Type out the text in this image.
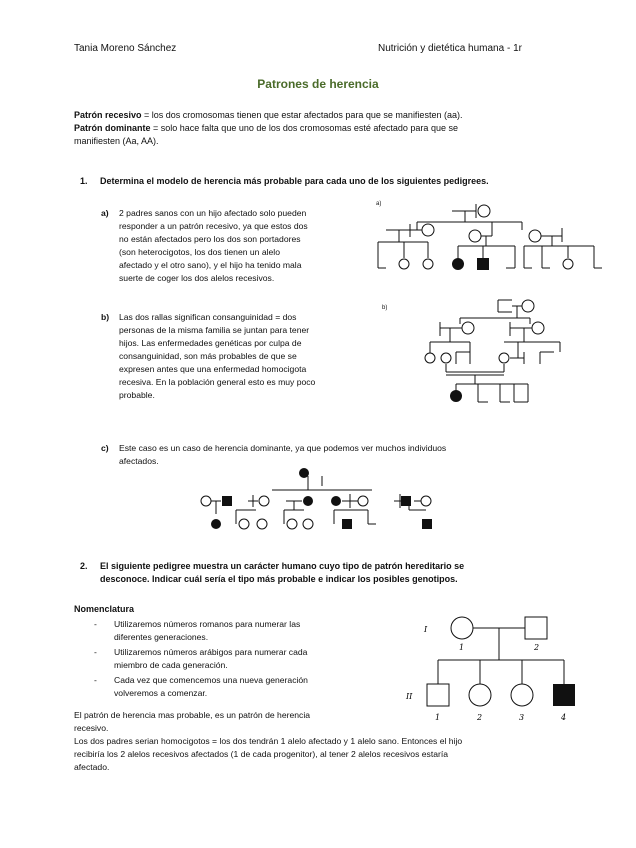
Tania Moreno Sánchez	Nutrición y dietética humana - 1r
Patrones de herencia
Patrón recesivo = los dos cromosomas tienen que estar afectados para que se manifiesten (aa).
Patrón dominante = solo hace falta que uno de los dos cromosomas esté afectado para que se
manifiesten (Aa, AA).
1. Determina el modelo de herencia más probable para cada uno de los siguientes pedigrees.
a) 2 padres sanos con un hijo afectado solo pueden
responder a un patrón recesivo, ya que estos dos
no están afectados pero los dos son portadores
(son heterocigotos, los dos tienen un alelo
afectado y el otro sano), y el hijo ha tenido mala
suerte de coger los dos alelos recesivos.
a)
b) Las dos rallas significan consanguinidad = dos
personas de la misma familia se juntan para tener
hijos. Las enfermedades genéticas por culpa de
consanguinidad, son más probables de que se
expresen antes que una enfermedad homocigota
recesiva. En la población general esto es muy poco
probable.
b)
c) Este caso es un caso de herencia dominante, ya que podemos ver muchos individuos
afectados.
2. El siguiente pedigree muestra un carácter humano cuyo tipo de patrón hereditario se
desconoce. Indicar cuál sería el tipo más probable e indicar los posibles genotipos.
Nomenclatura
- Utilizaremos números romanos para numerar las
diferentes generaciones.
- Utilizaremos números arábigos para numerar cada
miembro de cada generación.
- Cada vez que comencemos una nueva generación
volveremos a comenzar.
El patrón de herencia mas probable, es un patrón de herencia
recesivo.
Los dos padres serian homocigotos = los dos tendrán 1 alelo afectado y 1 alelo sano. Entonces el hijo
recibiría los 2 alelos recesivos afectados (1 de cada progenitor), al tener 2 alelos recesivos estaría
afectado.
I
II
1	2
1	2	3	4
